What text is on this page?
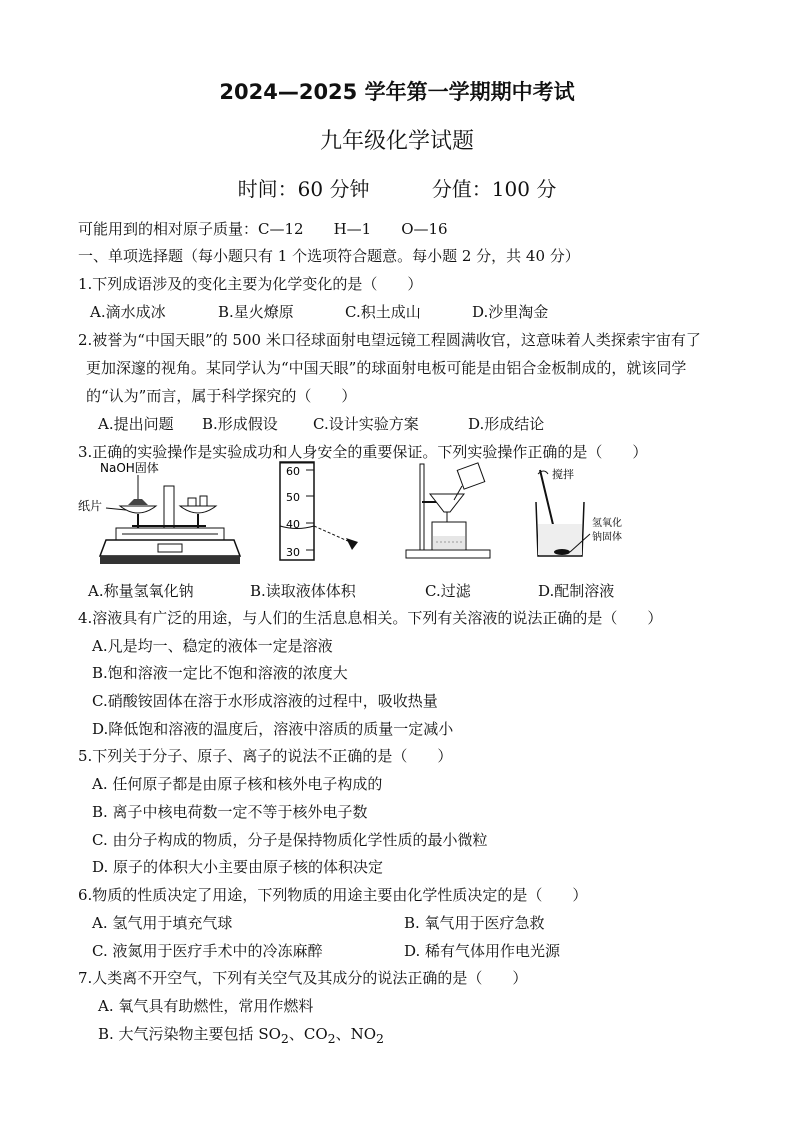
2024—2025 学年第一学期期中考试
九年级化学试题
时间：60 分钟	分值：100 分
可能用到的相对原子质量：C—12　　H—1　　O—16
一、单项选择题（每小题只有 1 个选项符合题意。每小题 2 分，共 40 分）
1.下列成语涉及的变化主要为化学变化的是（　　）
A.滴水成冰	B.星火燎原	C.积土成山	D.沙里淘金
2.被誉为“中国天眼”的 500 米口径球面射电望远镜工程圆满收官，这意味着人类探索宇宙有了
更加深邃的视角。某同学认为“中国天眼”的球面射电板可能是由铝合金板制成的，就该同学
的“认为”而言，属于科学探究的（　　）
A.提出问题 B.形成假设 C.设计实验方案	D.形成结论
3.正确的实验操作是实验成功和人身安全的重要保证。下列实验操作正确的是（　　）
NaOH固体
纸片
60
50
40
30
搅拌
氢氧化
钠固体
A.称量氢氧化钠	B.读取液体体积	C.过滤	D.配制溶液
4.溶液具有广泛的用途，与人们的生活息息相关。下列有关溶液的说法正确的是（　　）
A.凡是均一、稳定的液体一定是溶液
B.饱和溶液一定比不饱和溶液的浓度大
C.硝酸铵固体在溶于水形成溶液的过程中，吸收热量
D.降低饱和溶液的温度后，溶液中溶质的质量一定减小
5.下列关于分子、原子、离子的说法不正确的是（　　）
A. 任何原子都是由原子核和核外电子构成的
B. 离子中核电荷数一定不等于核外电子数
C. 由分子构成的物质，分子是保持物质化学性质的最小微粒
D. 原子的体积大小主要由原子核的体积决定
6.物质的性质决定了用途，下列物质的用途主要由化学性质决定的是（　　）
A. 氢气用于填充气球	B. 氧气用于医疗急救
C. 液氮用于医疗手术中的冷冻麻醉	D. 稀有气体用作电光源
7.人类离不开空气，下列有关空气及其成分的说法正确的是（　　）
A. 氧气具有助燃性，常用作燃料
B. 大气污染物主要包括 $SO_2$、$CO_2$、$NO_2$
